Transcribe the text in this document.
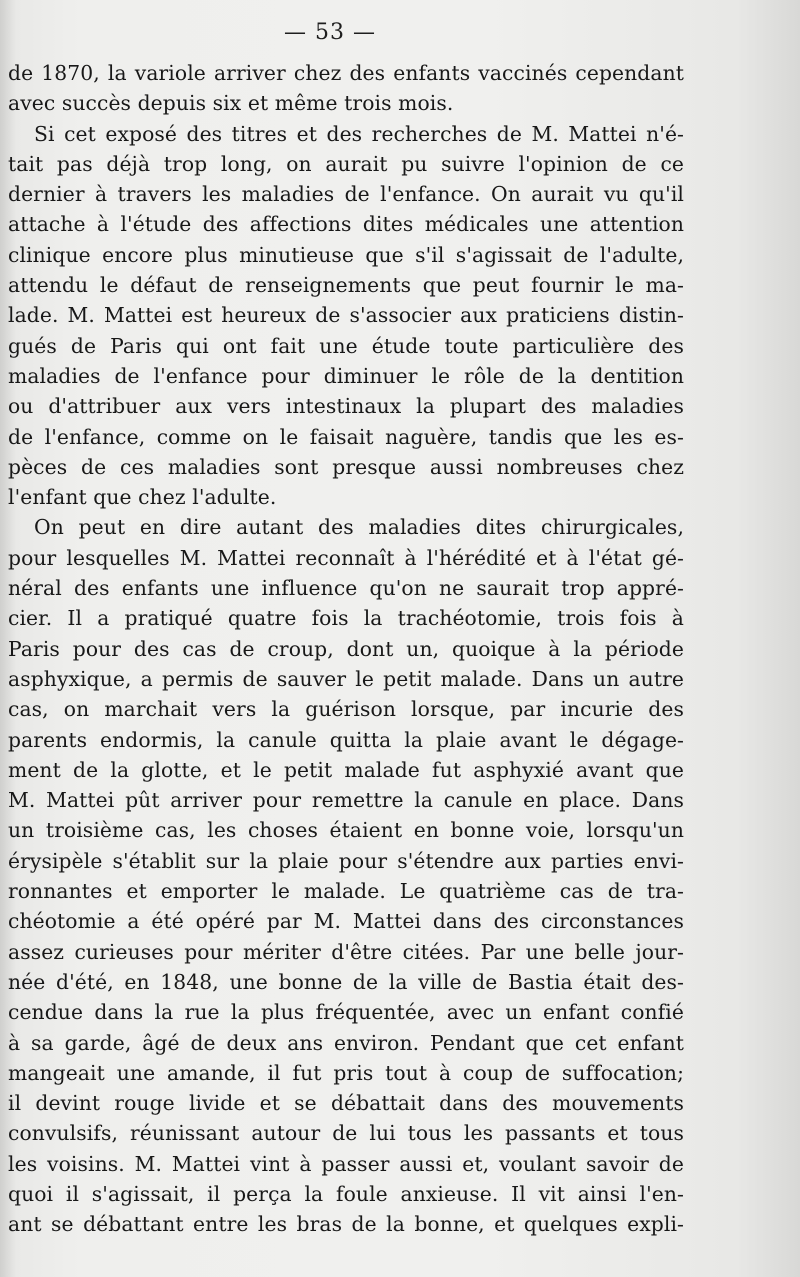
— 53 —
de 1870, la variole arriver chez des enfants vaccinés cependant
avec succès depuis six et même trois mois.
Si cet exposé des titres et des recherches de M. Mattei n'é-
tait pas déjà trop long, on aurait pu suivre l'opinion de ce
dernier à travers les maladies de l'enfance. On aurait vu qu'il
attache à l'étude des affections dites médicales une attention
clinique encore plus minutieuse que s'il s'agissait de l'adulte,
attendu le défaut de renseignements que peut fournir le ma-
lade. M. Mattei est heureux de s'associer aux praticiens distin-
gués de Paris qui ont fait une étude toute particulière des
maladies de l'enfance pour diminuer le rôle de la dentition
ou d'attribuer aux vers intestinaux la plupart des maladies
de l'enfance, comme on le faisait naguère, tandis que les es-
pèces de ces maladies sont presque aussi nombreuses chez
l'enfant que chez l'adulte.
On peut en dire autant des maladies dites chirurgicales,
pour lesquelles M. Mattei reconnaît à l'hérédité et à l'état gé-
néral des enfants une influence qu'on ne saurait trop appré-
cier. Il a pratiqué quatre fois la trachéotomie, trois fois à
Paris pour des cas de croup, dont un, quoique à la période
asphyxique, a permis de sauver le petit malade. Dans un autre
cas, on marchait vers la guérison lorsque, par incurie des
parents endormis, la canule quitta la plaie avant le dégage-
ment de la glotte, et le petit malade fut asphyxié avant que
M. Mattei pût arriver pour remettre la canule en place. Dans
un troisième cas, les choses étaient en bonne voie, lorsqu'un
érysipèle s'établit sur la plaie pour s'étendre aux parties envi-
ronnantes et emporter le malade. Le quatrième cas de tra-
chéotomie a été opéré par M. Mattei dans des circonstances
assez curieuses pour mériter d'être citées. Par une belle jour-
née d'été, en 1848, une bonne de la ville de Bastia était des-
cendue dans la rue la plus fréquentée, avec un enfant confié
à sa garde, âgé de deux ans environ. Pendant que cet enfant
mangeait une amande, il fut pris tout à coup de suffocation;
il devint rouge livide et se débattait dans des mouvements
convulsifs, réunissant autour de lui tous les passants et tous
les voisins. M. Mattei vint à passer aussi et, voulant savoir de
quoi il s'agissait, il perça la foule anxieuse. Il vit ainsi l'en-
ant se débattant entre les bras de la bonne, et quelques expli-
